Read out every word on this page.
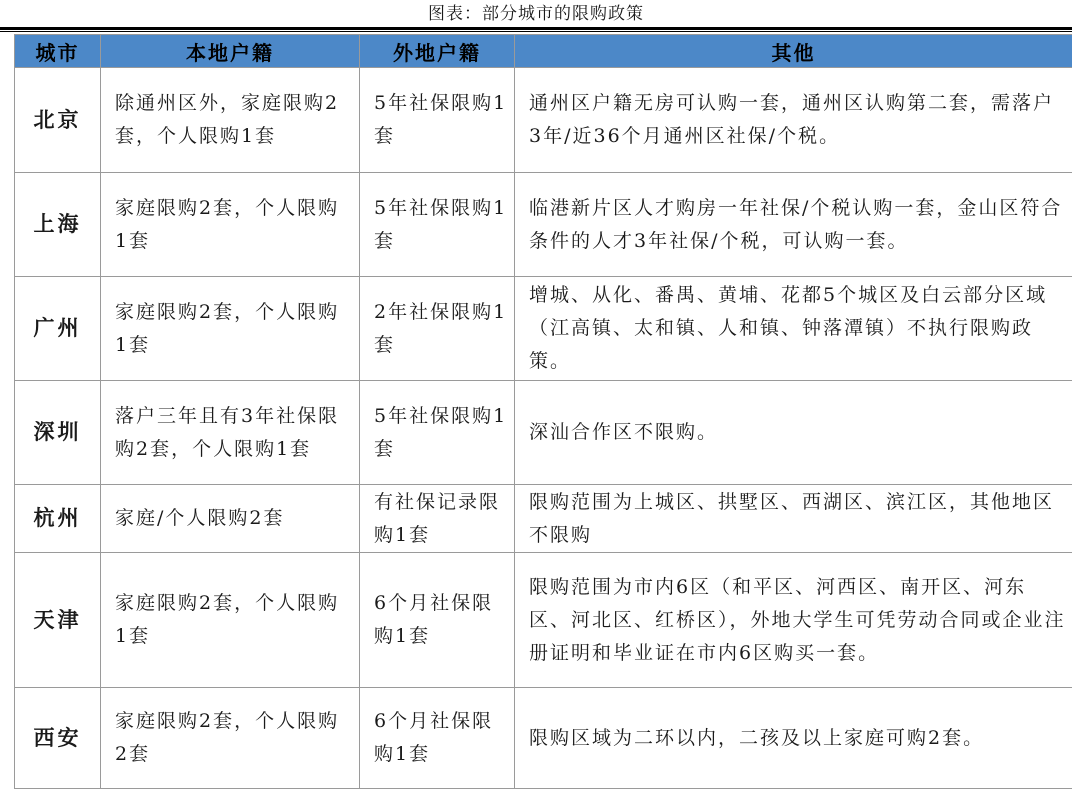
图表：部分城市的限购政策
城市	本地户籍	外地户籍	其他
北京	除通州区外，家庭限购2套，个人限购1套	5年社保限购1套	通州区户籍无房可认购一套，通州区认购第二套，需落户3年/近36个月通州区社保/个税。
上海	家庭限购2套，个人限购1套	5年社保限购1套	临港新片区人才购房一年社保/个税认购一套，金山区符合条件的人才3年社保/个税，可认购一套。
广州	家庭限购2套，个人限购1套	2年社保限购1套	增城、从化、番禺、黄埔、花都5个城区及白云部分区域（江高镇、太和镇、人和镇、钟落潭镇）不执行限购政策。
深圳	落户三年且有3年社保限购2套，个人限购1套	5年社保限购1套	深汕合作区不限购。
杭州	家庭/个人限购2套	有社保记录限购1套	限购范围为上城区、拱墅区、西湖区、滨江区，其他地区不限购
天津	家庭限购2套，个人限购1套	6个月社保限购1套	限购范围为市内6区（和平区、河西区、南开区、河东区、河北区、红桥区），外地大学生可凭劳动合同或企业注册证明和毕业证在市内6区购买一套。
西安	家庭限购2套，个人限购2套	6个月社保限购1套	限购区域为二环以内，二孩及以上家庭可购2套。
